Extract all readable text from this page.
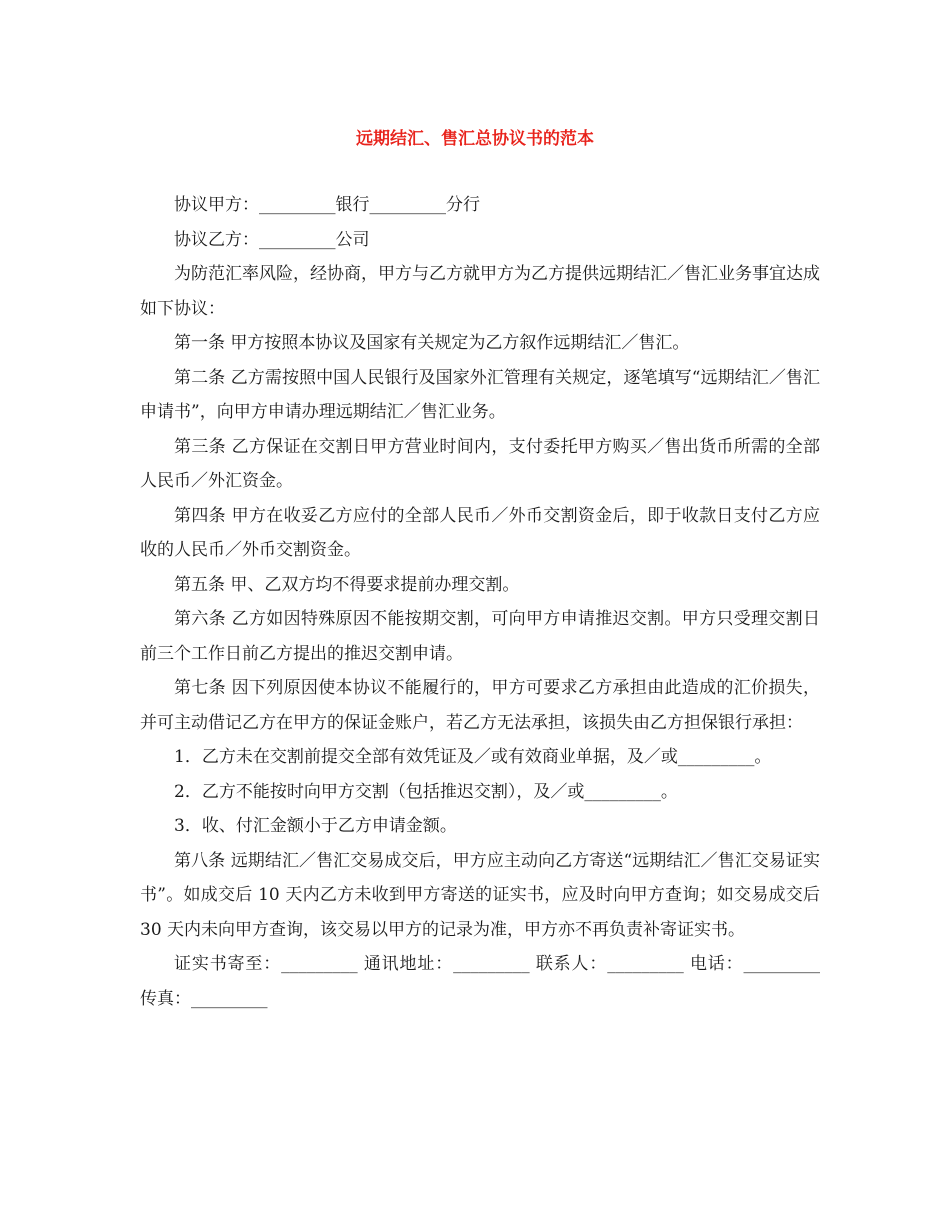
远期结汇、售汇总协议书的范本

协议甲方：_________银行_________分行

协议乙方：_________公司

为防范汇率风险，经协商，甲方与乙方就甲方为乙方提供远期结汇／售汇业务事宜达成如下协议：

第一条 甲方按照本协议及国家有关规定为乙方叙作远期结汇／售汇。

第二条 乙方需按照中国人民银行及国家外汇管理有关规定，逐笔填写“远期结汇／售汇申请书”，向甲方申请办理远期结汇／售汇业务。

第三条 乙方保证在交割日甲方营业时间内，支付委托甲方购买／售出货币所需的全部人民币／外汇资金。

第四条 甲方在收妥乙方应付的全部人民币／外币交割资金后，即于收款日支付乙方应收的人民币／外币交割资金。

第五条 甲、乙双方均不得要求提前办理交割。

第六条 乙方如因特殊原因不能按期交割，可向甲方申请推迟交割。甲方只受理交割日前三个工作日前乙方提出的推迟交割申请。

第七条 因下列原因使本协议不能履行的，甲方可要求乙方承担由此造成的汇价损失，并可主动借记乙方在甲方的保证金账户，若乙方无法承担，该损失由乙方担保银行承担：

1．乙方未在交割前提交全部有效凭证及／或有效商业单据，及／或_________。

2．乙方不能按时向甲方交割（包括推迟交割），及／或_________。

3．收、付汇金额小于乙方申请金额。

第八条 远期结汇／售汇交易成交后，甲方应主动向乙方寄送“远期结汇／售汇交易证实书”。如成交后 10 天内乙方未收到甲方寄送的证实书，应及时向甲方查询；如交易成交后 30 天内未向甲方查询，该交易以甲方的记录为准，甲方亦不再负责补寄证实书。

证实书寄至：_________ 通讯地址：_________ 联系人：_________ 电话：_________ 传真：_________
